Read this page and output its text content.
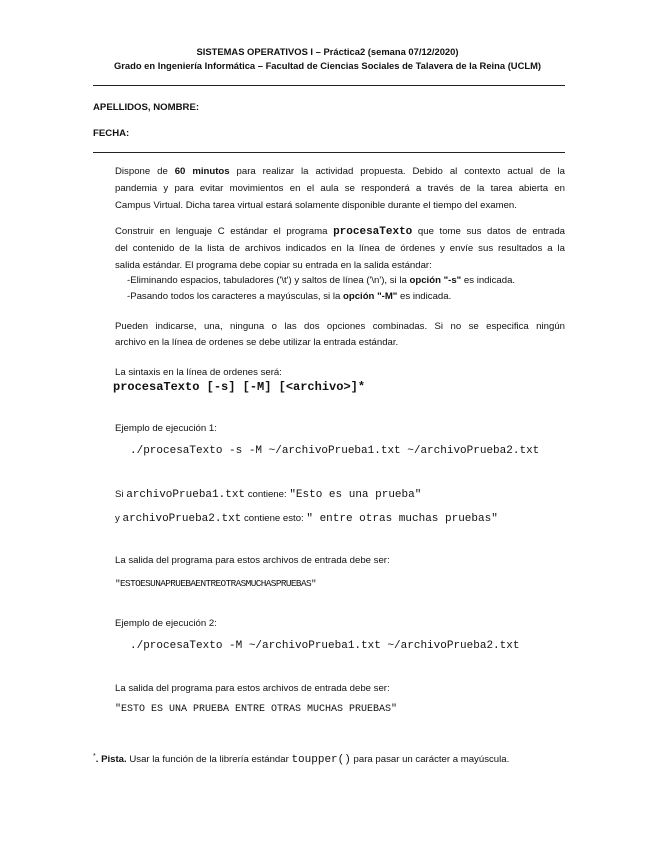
SISTEMAS OPERATIVOS I – Práctica2 (semana 07/12/2020)
Grado en Ingeniería Informática – Facultad de Ciencias Sociales de Talavera de la Reina (UCLM)
APELLIDOS, NOMBRE:
FECHA:
Dispone de 60 minutos para realizar la actividad propuesta. Debido al contexto actual de la
pandemia y para evitar movimientos en el aula se responderá a través de la tarea abierta en
Campus Virtual. Dicha tarea virtual estará solamente disponible durante el tiempo del examen.
Construir en lenguaje C estándar el programa procesaTexto que tome sus datos de entrada
del contenido de la lista de archivos indicados en la línea de órdenes y envíe sus resultados a la
salida estándar. El programa debe copiar su entrada en la salida estándar:
-Eliminando espacios, tabuladores ('\t') y saltos de línea ('\n'), si la opción "-s" es indicada.
-Pasando todos los caracteres a mayúsculas, si la opción "-M" es indicada.
Pueden indicarse, una, ninguna o las dos opciones combinadas. Si no se especifica ningún
archivo en la línea de ordenes se debe utilizar la entrada estándar.
La sintaxis en la línea de ordenes será:
procesaTexto [-s] [-M] [<archivo>]*
Ejemplo de ejecución 1:
./procesaTexto -s -M ~/archivoPrueba1.txt ~/archivoPrueba2.txt
Si archivoPrueba1.txt contiene: "Esto es una prueba"
y archivoPrueba2.txt contiene esto: " entre otras muchas pruebas"
La salida del programa para estos archivos de entrada debe ser:
"ESTOESUNAPRUEBAENTREOTRASMUCHASPRUEBAS"
Ejemplo de ejecución 2:
./procesaTexto -M ~/archivoPrueba1.txt ~/archivoPrueba2.txt
La salida del programa para estos archivos de entrada debe ser:
"ESTO ES UNA PRUEBA ENTRE OTRAS MUCHAS PRUEBAS"
*. Pista. Usar la función de la librería estándar toupper() para pasar un carácter a mayúscula.
